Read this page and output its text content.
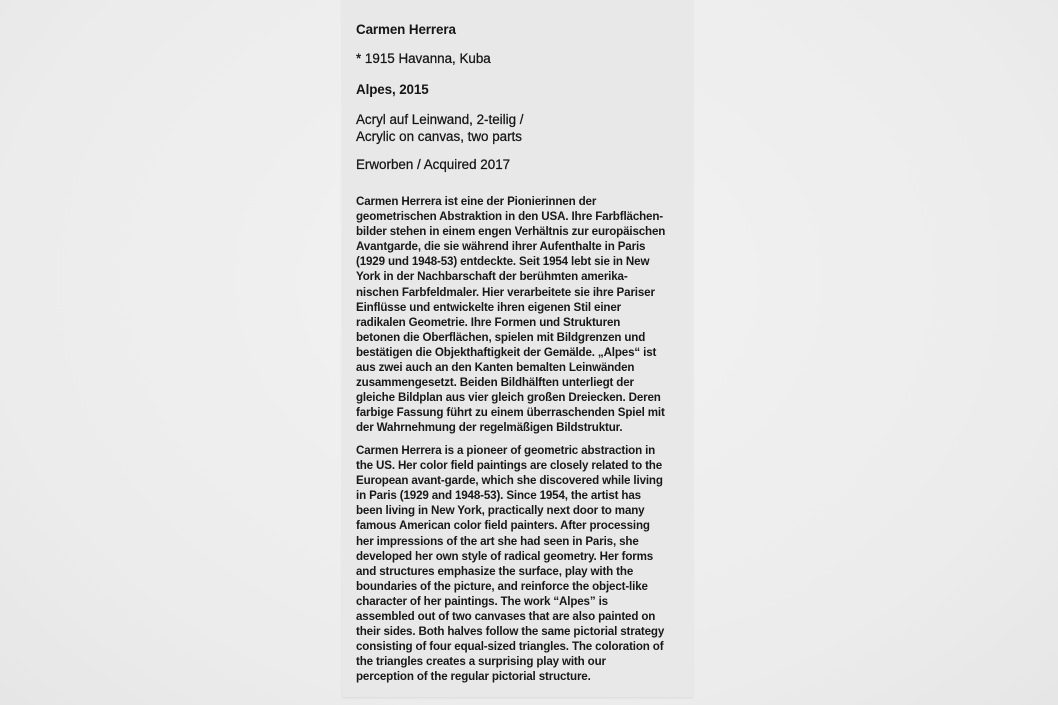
Carmen Herrera
* 1915 Havanna, Kuba
Alpes, 2015
Acryl auf Leinwand, 2-teilig /
Acrylic on canvas, two parts
Erworben / Acquired 2017
Carmen Herrera ist eine der Pionierinnen der
geometrischen Abstraktion in den USA. Ihre Farbflächen-
bilder stehen in einem engen Verhältnis zur europäischen
Avantgarde, die sie während ihrer Aufenthalte in Paris
(1929 und 1948-53) entdeckte. Seit 1954 lebt sie in New
York in der Nachbarschaft der berühmten amerika-
nischen Farbfeldmaler. Hier verarbeitete sie ihre Pariser
Einflüsse und entwickelte ihren eigenen Stil einer
radikalen Geometrie. Ihre Formen und Strukturen
betonen die Oberflächen, spielen mit Bildgrenzen und
bestätigen die Objekthaftigkeit der Gemälde. „Alpes“ ist
aus zwei auch an den Kanten bemalten Leinwänden
zusammengesetzt. Beiden Bildhälften unterliegt der
gleiche Bildplan aus vier gleich großen Dreiecken. Deren
farbige Fassung führt zu einem überraschenden Spiel mit
der Wahrnehmung der regelmäßigen Bildstruktur.
Carmen Herrera is a pioneer of geometric abstraction in
the US. Her color field paintings are closely related to the
European avant-garde, which she discovered while living
in Paris (1929 and 1948-53). Since 1954, the artist has
been living in New York, practically next door to many
famous American color field painters. After processing
her impressions of the art she had seen in Paris, she
developed her own style of radical geometry. Her forms
and structures emphasize the surface, play with the
boundaries of the picture, and reinforce the object-like
character of her paintings. The work “Alpes” is
assembled out of two canvases that are also painted on
their sides. Both halves follow the same pictorial strategy
consisting of four equal-sized triangles. The coloration of
the triangles creates a surprising play with our
perception of the regular pictorial structure.
